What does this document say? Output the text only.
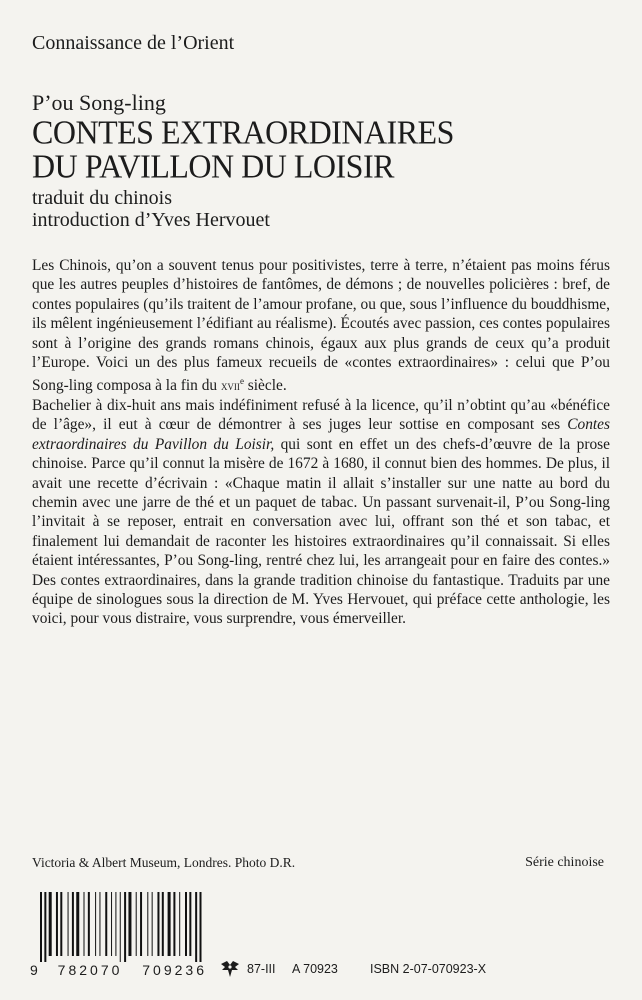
Connaissance de l’Orient
P’ou Song-ling
CONTES EXTRAORDINAIRES
DU PAVILLON DU LOISIR
traduit du chinois
introduction d’Yves Hervouet

Les Chinois, qu’on a souvent tenus pour positivistes, terre à terre, n’étaient pas moins férus que les autres peuples d’histoires de fantômes, de démons ; de nouvelles policières : bref, de contes populaires (qu’ils traitent de l’amour profane, ou que, sous l’influence du bouddhisme, ils mêlent ingénieusement l’édifiant au réalisme). Écoutés avec passion, ces contes populaires sont à l’origine des grands romans chinois, égaux aux plus grands de ceux qu’a produit l’Europe. Voici un des plus fameux recueils de «contes extraordinaires» : celui que P’ou Song-ling composa à la fin du xvii$^e$ siècle.

Bachelier à dix-huit ans mais indéfiniment refusé à la licence, qu’il n’obtint qu’au «bénéfice de l’âge», il eut à cœur de démontrer à ses juges leur sottise en composant ses Contes extraordinaires du Pavillon du Loisir, qui sont en effet un des chefs-d’œuvre de la prose chinoise. Parce qu’il connut la misère de 1672 à 1680, il connut bien des hommes. De plus, il avait une recette d’écrivain : «Chaque matin il allait s’installer sur une natte au bord du chemin avec une jarre de thé et un paquet de tabac. Un passant survenait-il, P’ou Song-ling l’invitait à se reposer, entrait en conversation avec lui, offrant son thé et son tabac, et finalement lui demandait de raconter les histoires extraordinaires qu’il connaissait. Si elles étaient intéressantes, P’ou Song-ling, rentré chez lui, les arrangeait pour en faire des contes.» Des contes extraordinaires, dans la grande tradition chinoise du fantastique. Traduits par une équipe de sinologues sous la direction de M. Yves Hervouet, qui préface cette anthologie, les voici, pour vous distraire, vous surprendre, vous émerveiller.

Victoria & Albert Museum, Londres. Photo D.R.	Série chinoise
9 782070 709236	87-III A 70923	ISBN 2-07-070923-X
